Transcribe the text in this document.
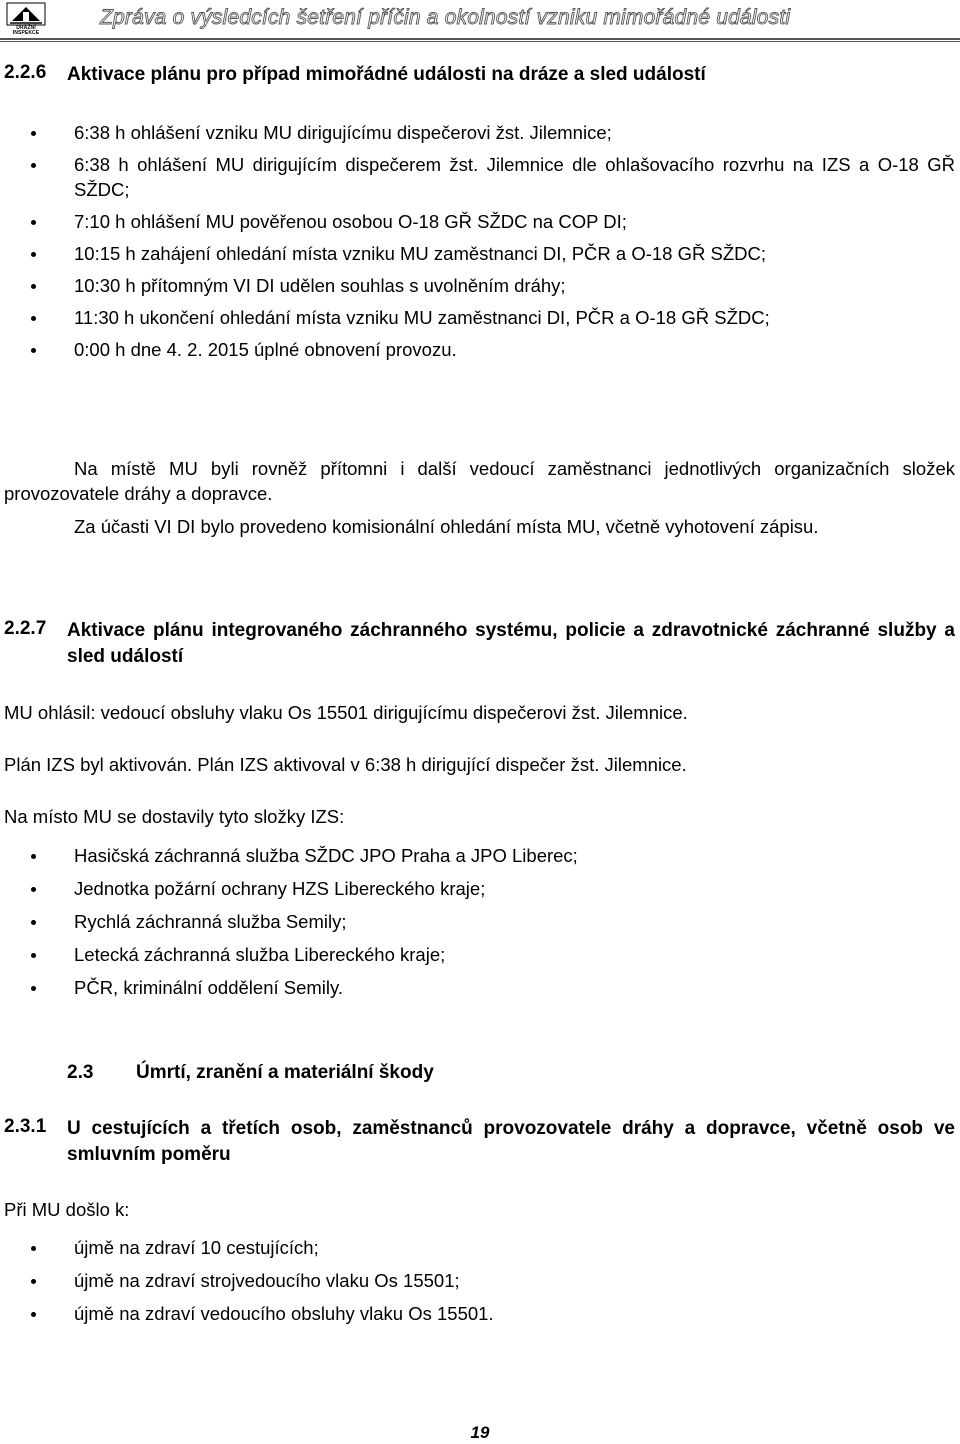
DRÁŽNÍ
INSPEKCE
Zpráva o výsledcích šetření příčin a okolností vzniku mimořádné události
2.2.6 Aktivace plánu pro případ mimořádné události na dráze a sled událostí
6:38 h ohlášení vzniku MU dirigujícímu dispečerovi žst. Jilemnice;
6:38 h ohlášení MU dirigujícím dispečerem žst. Jilemnice dle ohlašovacího rozvrhu na IZS a O-18 GŘ SŽDC;
7:10 h ohlášení MU pověřenou osobou O-18 GŘ SŽDC na COP DI;
10:15 h zahájení ohledání místa vzniku MU zaměstnanci DI, PČR a O-18 GŘ SŽDC;
10:30 h přítomným VI DI udělen souhlas s uvolněním dráhy;
11:30 h ukončení ohledání místa vzniku MU zaměstnanci DI, PČR a O-18 GŘ SŽDC;
0:00 h dne 4. 2. 2015 úplné obnovení provozu.

Na místě MU byli rovněž přítomni i další vedoucí zaměstnanci jednotlivých organizačních složek provozovatele dráhy a dopravce.

Za účasti VI DI bylo provedeno komisionální ohledání místa MU, včetně vyhotovení zápisu.

2.2.7 Aktivace plánu integrovaného záchranného systému, policie a zdravotnické záchranné služby a sled událostí

MU ohlásil: vedoucí obsluhy vlaku Os 15501 dirigujícímu dispečerovi žst. Jilemnice.

Plán IZS byl aktivován. Plán IZS aktivoval v 6:38 h dirigující dispečer žst. Jilemnice.

Na místo MU se dostavily tyto složky IZS:

Hasičská záchranná služba SŽDC JPO Praha a JPO Liberec;
Jednotka požární ochrany HZS Libereckého kraje;
Rychlá záchranná služba Semily;
Letecká záchranná služba Libereckého kraje;
PČR, kriminální oddělení Semily.
2.3 Úmrtí, zranění a materiální škody
2.3.1 U cestujících a třetích osob, zaměstnanců provozovatele dráhy a dopravce, včetně osob ve smluvním poměru

Při MU došlo k:

újmě na zdraví 10 cestujících;
újmě na zdraví strojvedoucího vlaku Os 15501;
újmě na zdraví vedoucího obsluhy vlaku Os 15501.
19
